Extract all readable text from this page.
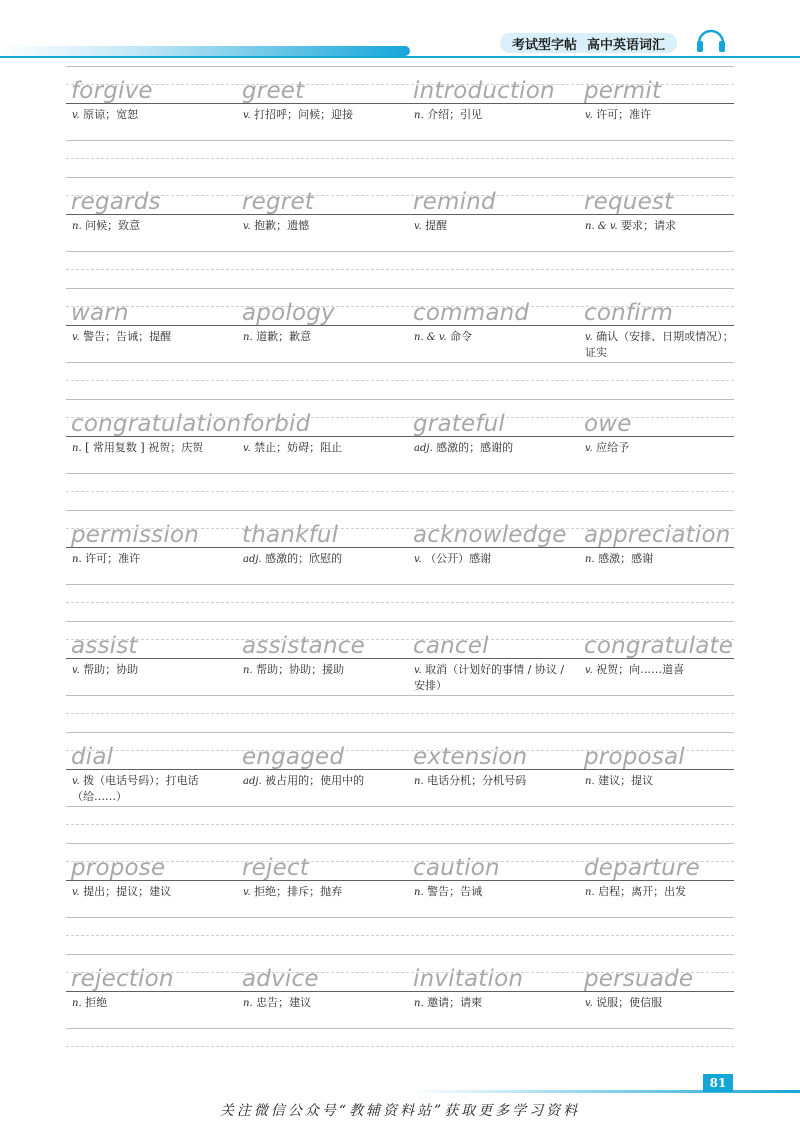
考试型字帖 高中英语词汇
forgive
v. 原谅；宽恕
greet
v. 打招呼；问候；迎接
introduction
n. 介绍；引见
permit
v. 许可；准许
regards
n. 问候；致意
regret
v. 抱歉；遗憾
remind
v. 提醒
request
n. & v. 要求；请求
warn
v. 警告；告诫；提醒
apology
n. 道歉；歉意
command
n. & v. 命令
confirm
v. 确认（安排、日期或情况）；证实
congratulation
n. [ 常用复数 ] 祝贺；庆贺
forbid
v. 禁止；妨碍；阻止
grateful
adj. 感激的；感谢的
owe
v. 应给予
permission
n. 许可；准许
thankful
adj. 感激的；欣慰的
acknowledge
v. （公开）感谢
appreciation
n. 感激；感谢
assist
v. 帮助；协助
assistance
n. 帮助；协助；援助
cancel
v. 取消（计划好的事情 / 协议 / 安排）
congratulate
v. 祝贺；向……道喜
dial
v. 拨（电话号码）；打电话（给……）
engaged
adj. 被占用的；使用中的
extension
n. 电话分机；分机号码
proposal
n. 建议；提议
propose
v. 提出；提议；建议
reject
v. 拒绝；排斥；抛弃
caution
n. 警告；告诫
departure
n. 启程；离开；出发
rejection
n. 拒绝
advice
n. 忠告；建议
invitation
n. 邀请；请柬
persuade
v. 说服；使信服
81
关注微信公众号“教辅资料站”获取更多学习资料
